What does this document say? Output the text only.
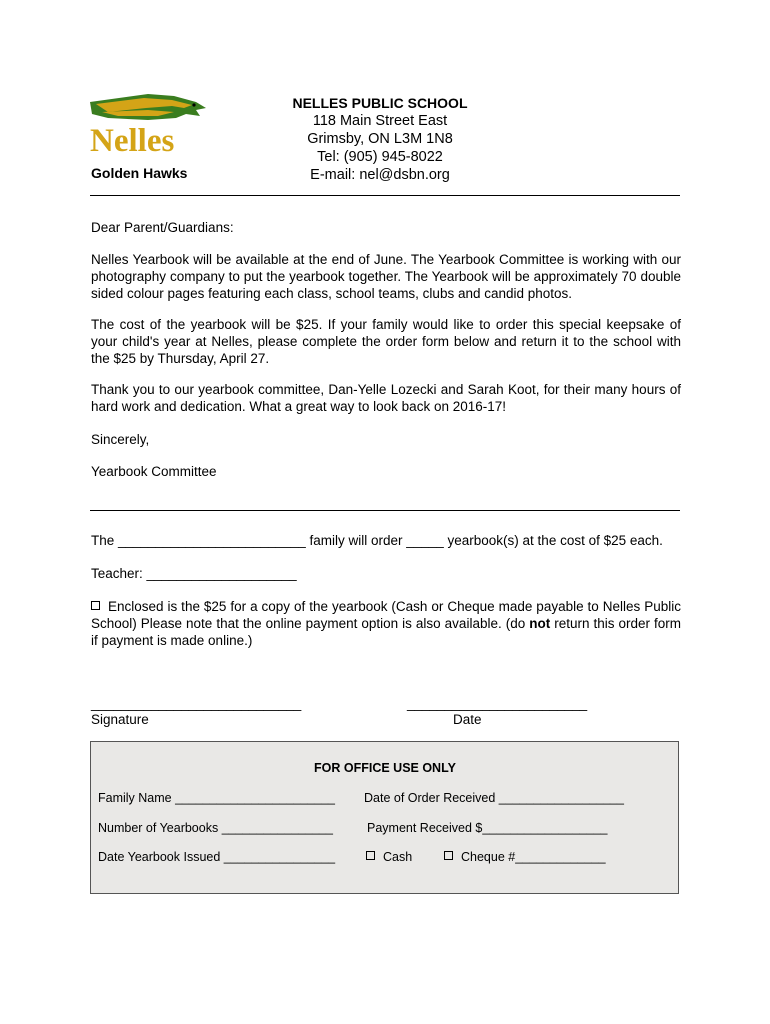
Nelles
Golden Hawks
NELLES PUBLIC SCHOOL
118 Main Street East
Grimsby, ON L3M 1N8
Tel: (905) 945-8022
E-mail: nel@dsbn.org
Dear Parent/Guardians:
Nelles Yearbook will be available at the end of June. The Yearbook Committee is working with our photography company to put the yearbook together. The Yearbook will be approximately 70 double sided colour pages featuring each class, school teams, clubs and candid photos.
The cost of the yearbook will be $25. If your family would like to order this special keepsake of your child's year at Nelles, please complete the order form below and return it to the school with the $25 by Thursday, April 27.
Thank you to our yearbook committee, Dan-Yelle Lozecki and Sarah Koot, for their many hours of hard work and dedication. What a great way to look back on 2016-17!
Sincerely,
Yearbook Committee
The _________________________ family will order _____ yearbook(s) at the cost of $25 each.
Teacher: ____________________
Enclosed is the $25 for a copy of the yearbook (Cash or Cheque made payable to Nelles Public School) Please note that the online payment option is also available. (do not return this order form if payment is made online.)
____________________________
Signature
________________________
Date
FOR OFFICE USE ONLY
Family Name _______________________ Date of Order Received __________________
Number of Yearbooks ________________	Payment Received $__________________
Date Yearbook Issued ________________	Cash	Cheque #_____________
